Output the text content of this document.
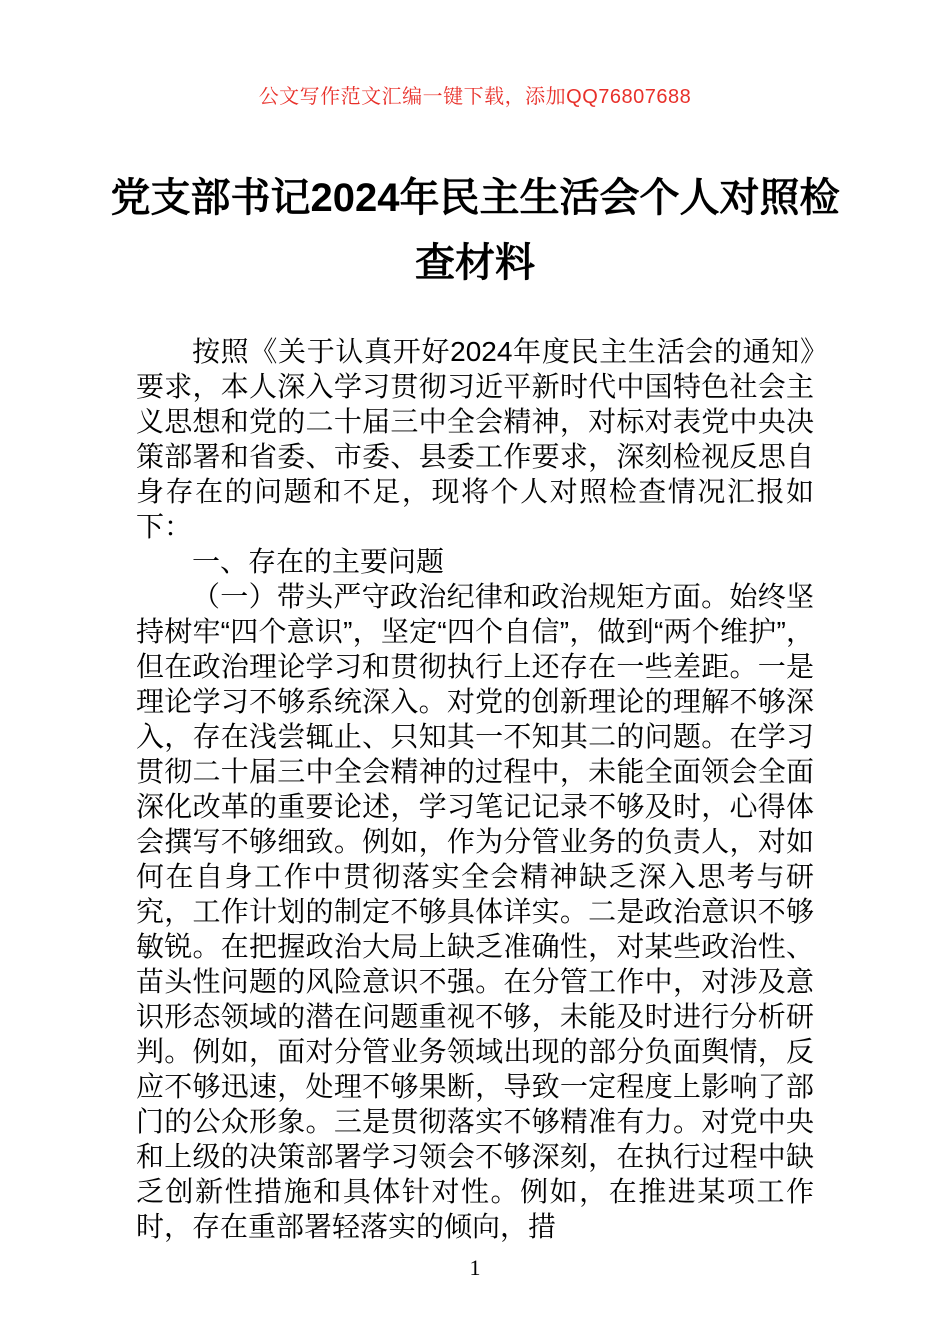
公文写作范文汇编一键下载，添加QQ76807688
党支部书记2024年民主生活会个人对照检
查材料

按照《关于认真开好2024年度民主生活会的通知》要求，本人深入学习贯彻习近平新时代中国特色社会主义思想和党的二十届三中全会精神，对标对表党中央决策部署和省委、市委、县委工作要求，深刻检视反思自身存在的问题和不足，现将个人对照检查情况汇报如下：

一、存在的主要问题

（一）带头严守政治纪律和政治规矩方面。始终坚持树牢“四个意识”，坚定“四个自信”，做到“两个维护”，但在政治理论学习和贯彻执行上还存在一些差距。一是理论学习不够系统深入。对党的创新理论的理解不够深入，存在浅尝辄止、只知其一不知其二的问题。在学习贯彻二十届三中全会精神的过程中，未能全面领会全面深化改革的重要论述，学习笔记记录不够及时，心得体会撰写不够细致。例如，作为分管业务的负责人，对如何在自身工作中贯彻落实全会精神缺乏深入思考与研究，工作计划的制定不够具体详实。二是政治意识不够敏锐。在把握政治大局上缺乏准确性，对某些政治性、苗头性问题的风险意识不强。在分管工作中，对涉及意识形态领域的潜在问题重视不够，未能及时进行分析研判。例如，面对分管业务领域出现的部分负面舆情，反应不够迅速，处理不够果断，导致一定程度上影响了部门的公众形象。三是贯彻落实不够精准有力。对党中央和上级的决策部署学习领会不够深刻，在执行过程中缺乏创新性措施和具体针对性。例如，在推进某项工作时，存在重部署轻落实的倾向，措

1
